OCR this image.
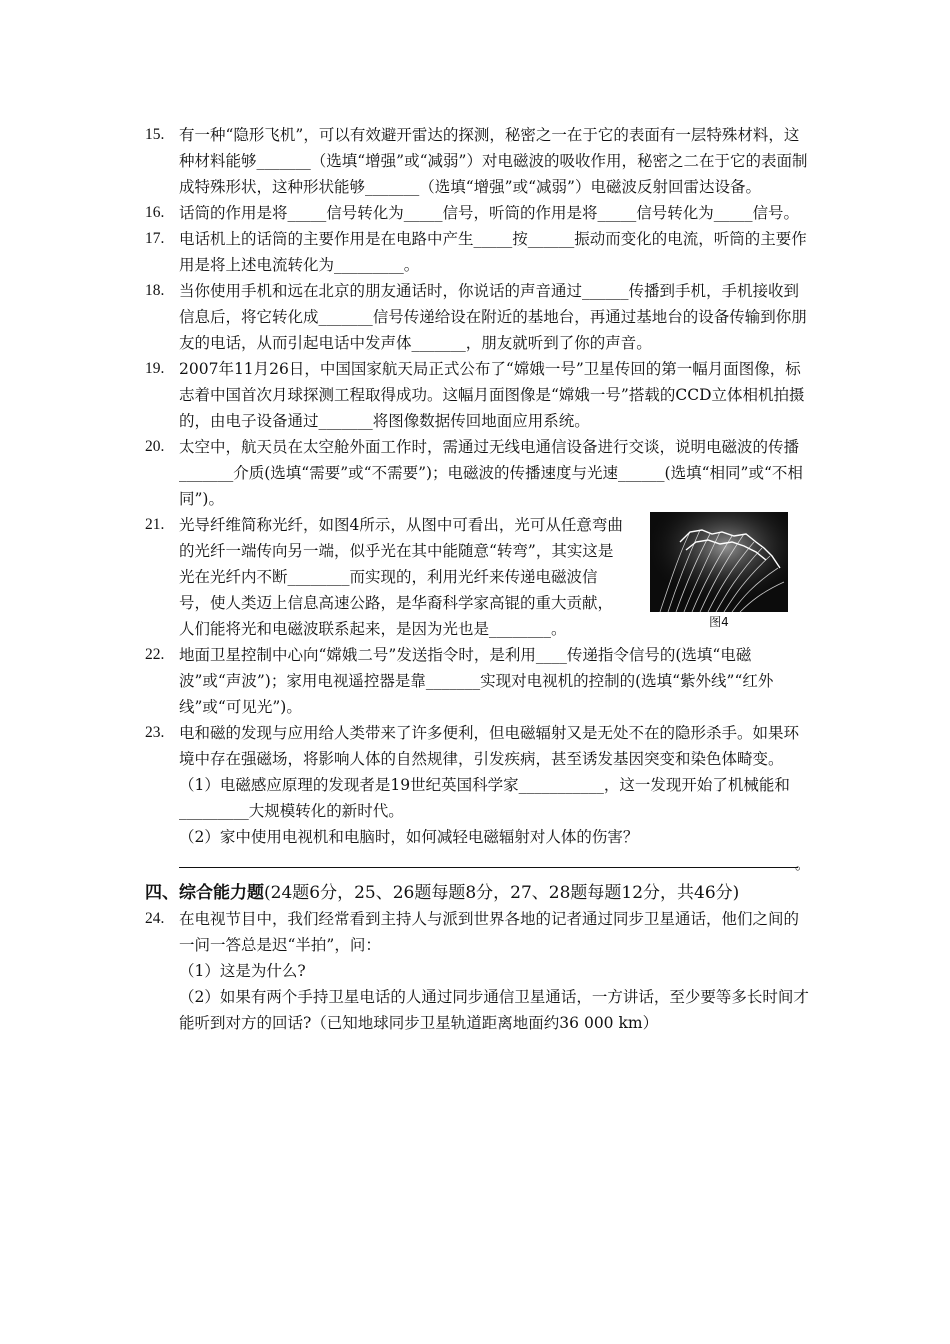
15. 有一种“隐形飞机”，可以有效避开雷达的探测，秘密之一在于它的表面有一层特殊材料，这种材料能够_______（选填“增强”或“减弱”）对电磁波的吸收作用，秘密之二在于它的表面制成特殊形状，这种形状能够_______（选填“增强”或“减弱”）电磁波反射回雷达设备。
16. 话筒的作用是将_____信号转化为_____信号，听筒的作用是将_____信号转化为_____信号。
17. 电话机上的话筒的主要作用是在电路中产生_____按______振动而变化的电流，听筒的主要作用是将上述电流转化为_________。
18. 当你使用手机和远在北京的朋友通话时，你说话的声音通过______传播到手机，手机接收到信息后，将它转化成_______信号传递给设在附近的基地台，再通过基地台的设备传输到你朋友的电话，从而引起电话中发声体_______，朋友就听到了你的声音。
19. 2007年11月26日，中国国家航天局正式公布了“嫦娥一号”卫星传回的第一幅月面图像，标志着中国首次月球探测工程取得成功。这幅月面图像是“嫦娥一号”搭载的CCD立体相机拍摄的，由电子设备通过_______将图像数据传回地面应用系统。
20. 太空中，航天员在太空舱外面工作时，需通过无线电通信设备进行交谈，说明电磁波的传播_______介质(选填“需要”或“不需要”)；电磁波的传播速度与光速______(选填“相同”或“不相同”)。
21. 光导纤维简称光纤，如图4所示，从图中可看出，光可从任意弯曲的光纤一端传向另一端，似乎光在其中能随意“转弯”，其实这是光在光纤内不断________而实现的，利用光纤来传递电磁波信号，使人类迈上信息高速公路，是华裔科学家高锟的重大贡献，人们能将光和电磁波联系起来，是因为光也是________。	图4
22. 地面卫星控制中心向“嫦娥二号”发送指令时，是利用____传递指令信号的(选填“电磁波”或“声波”)；家用电视遥控器是靠_______实现对电视机的控制的(选填“紫外线”“红外线”或“可见光”)。
23. 电和磁的发现与应用给人类带来了许多便利，但电磁辐射又是无处不在的隐形杀手。如果环境中存在强磁场，将影响人体的自然规律，引发疾病，甚至诱发基因突变和染色体畸变。
（1）电磁感应原理的发现者是19世纪英国科学家___________，这一发现开始了机械能和_________大规模转化的新时代。
（2）家中使用电视机和电脑时，如何减轻电磁辐射对人体的伤害？
。
四、综合能力题(24题6分，25、26题每题8分，27、28题每题12分，共46分)
24. 在电视节目中，我们经常看到主持人与派到世界各地的记者通过同步卫星通话，他们之间的一问一答总是迟“半拍”，问：
（1）这是为什么?
（2）如果有两个手持卫星电话的人通过同步通信卫星通话，一方讲话，至少要等多长时间才能听到对方的回话?（已知地球同步卫星轨道距离地面约36 000 km）
